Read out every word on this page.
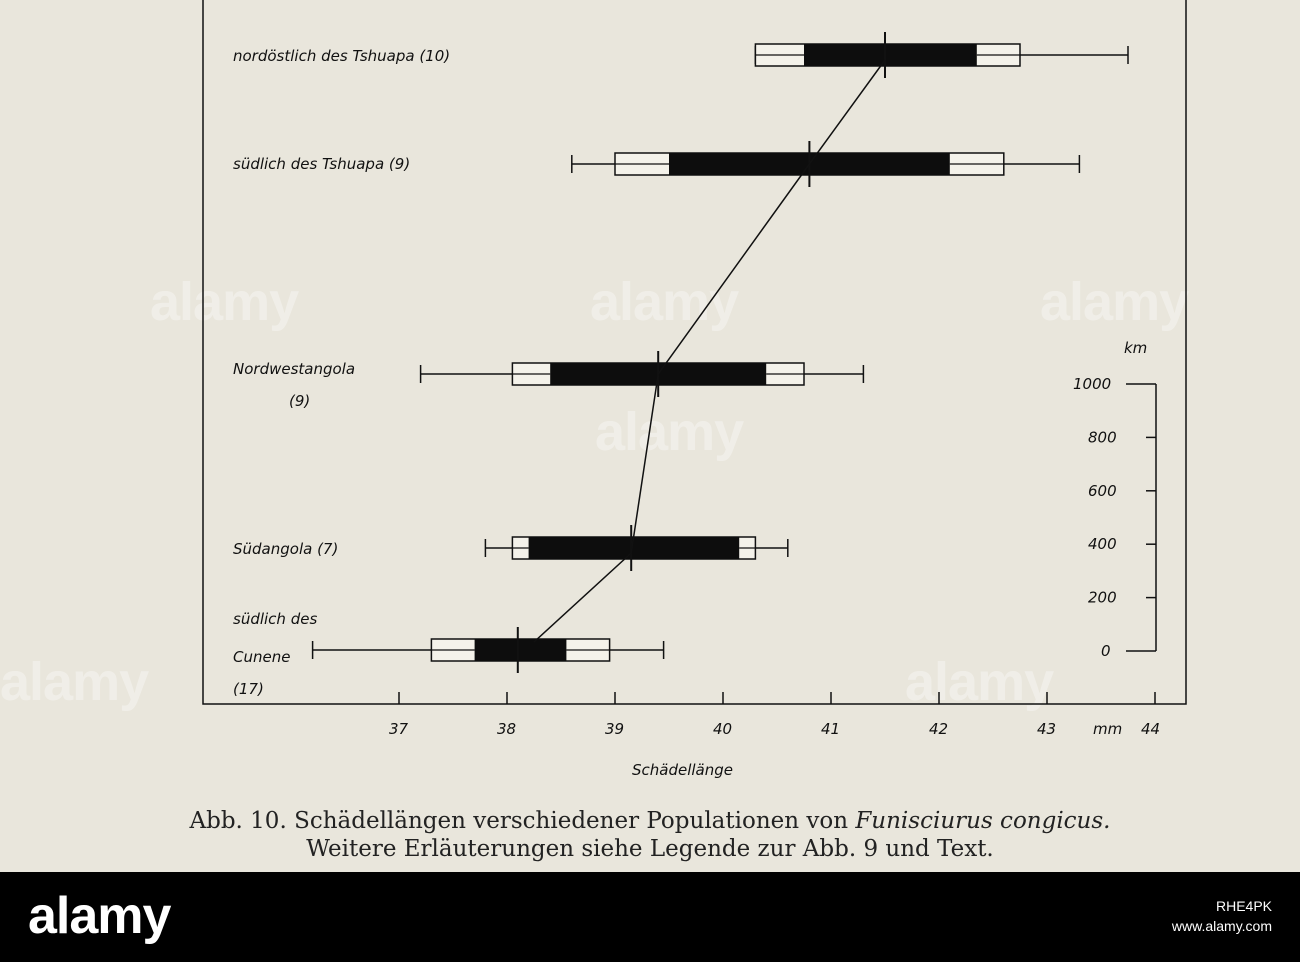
alamy	alamy	alamy
alamy	alamy
alamy
37	38	39	40	41	42	43	44
mm
Schädellänge
nordöstlich des Tshuapa (10)
südlich des Tshuapa (9)
Nordwestangola
(9)
Südangola (7)
südlich des
Cunene
(17)
0
200
400
600
800
1000
km
Abb. 10. Schädellängen verschiedener Populationen von Funisciurus congicus.
Weitere Erläuterungen siehe Legende zur Abb. 9 und Text.
alamy	RHE4PK
www.alamy.com
